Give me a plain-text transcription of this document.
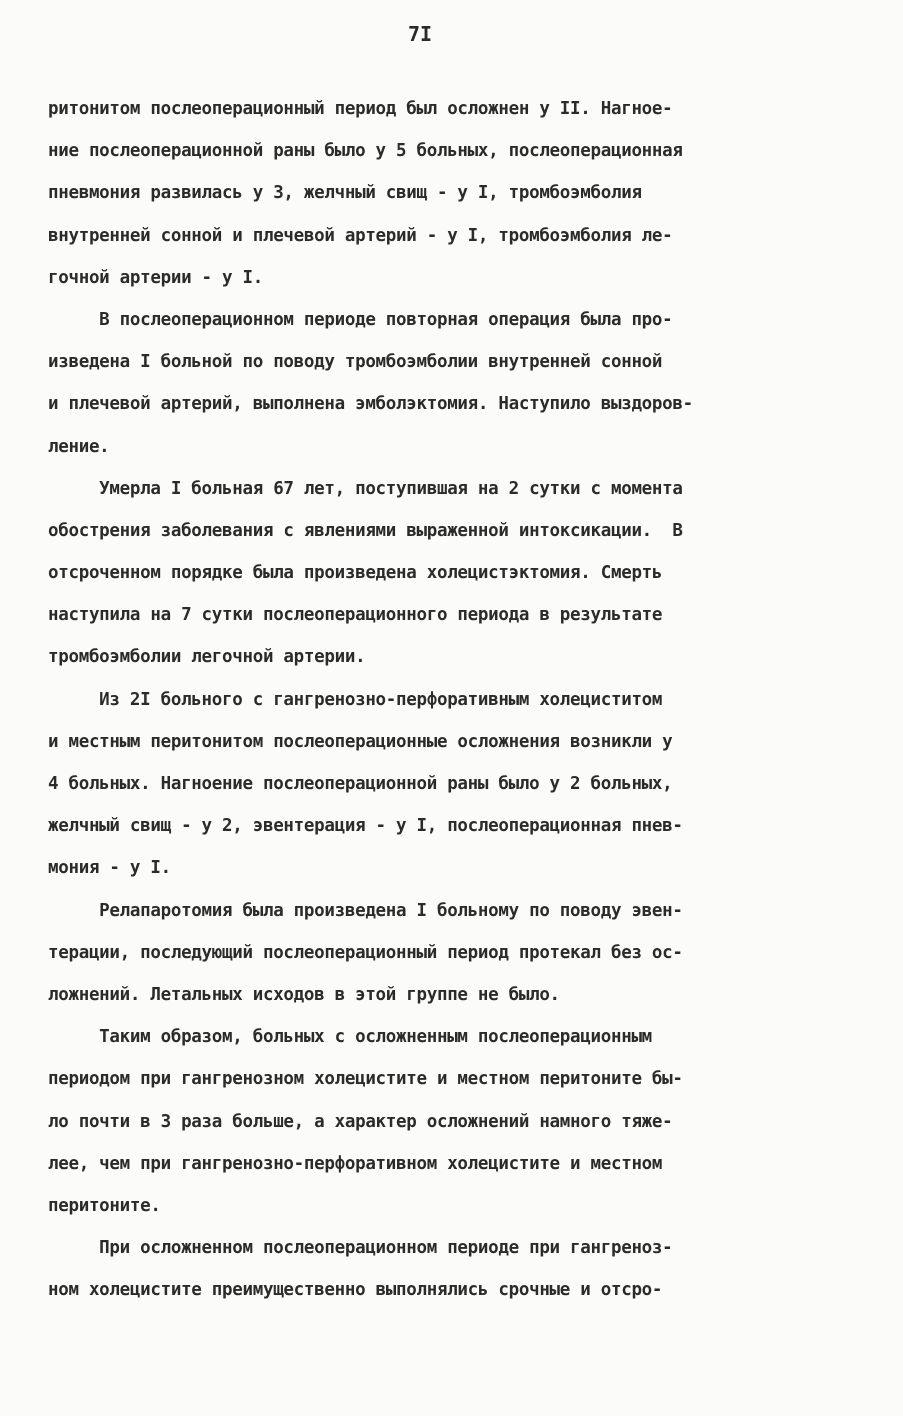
7I
ритонитом послеоперационный период был осложнен у II. Нагное-
ние послеоперационной раны было у 5 больных, послеоперационная
пневмония развилась у 3, желчный свищ - у I, тромбоэмболия
внутренней сонной и плечевой артерий - у I, тромбоэмболия ле-
гочной артерии - у I.
В послеоперационном периоде повторная операция была про-
изведена I больной по поводу тромбоэмболии внутренней сонной
и плечевой артерий, выполнена эмболэктомия. Наступило выздоров-
ление.
Умерла I больная 67 лет, поступившая на 2 сутки с момента
обострения заболевания с явлениями выраженной интоксикации.  В
отсроченном порядке была произведена холецистэктомия. Смерть
наступила на 7 сутки послеоперационного периода в результате
тромбоэмболии легочной артерии.
Из 2I больного с гангренозно-перфоративным холециститом
и местным перитонитом послеоперационные осложнения возникли у
4 больных. Нагноение послеоперационной раны было у 2 больных,
желчный свищ - у 2, эвентерация - у I, послеоперационная пнев-
мония - у I.
Релапаротомия была произведена I больному по поводу эвен-
терации, последующий послеоперационный период протекал без ос-
ложнений. Летальных исходов в этой группе не было.
Таким образом, больных с осложненным послеоперационным
периодом при гангренозном холецистите и местном перитоните бы-
ло почти в 3 раза больше, а характер осложнений намного тяже-
лее, чем при гангренозно-перфоративном холецистите и местном
перитоните.
При осложненном послеоперационном периоде при гангреноз-
ном холецистите преимущественно выполнялись срочные и отсро-
